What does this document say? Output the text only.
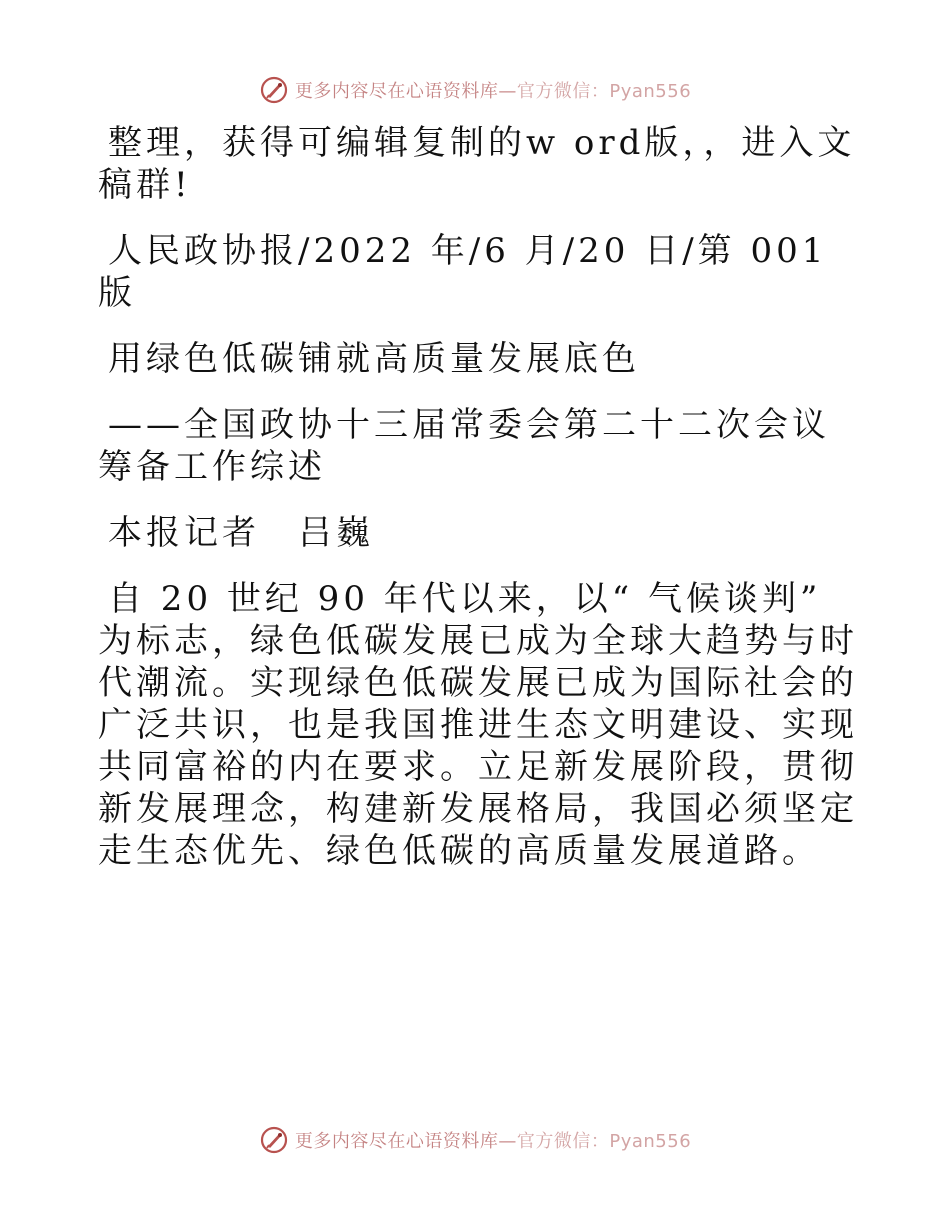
更多内容尽在心语资料库—官方微信：Pyan556

整理，获得可编辑复制的w ord版，，进入文稿群!

人民政协报/2022 年/6 月/20 日/第 001 版

用绿色低碳铺就高质量发展底色

——全国政协十三届常委会第二十二次会议筹备工作综述

本报记者　吕巍

自 20 世纪 90 年代以来，以“ 气候谈判” 为标志，绿色低碳发展已成为全球大趋势与时代潮流。实现绿色低碳发展已成为国际社会的广泛共识，也是我国推进生态文明建设、实现共同富裕的内在要求。立足新发展阶段，贯彻新发展理念，构建新发展格局，我国必须坚定走生态优先、绿色低碳的高质量发展道路。

更多内容尽在心语资料库—官方微信：Pyan556
